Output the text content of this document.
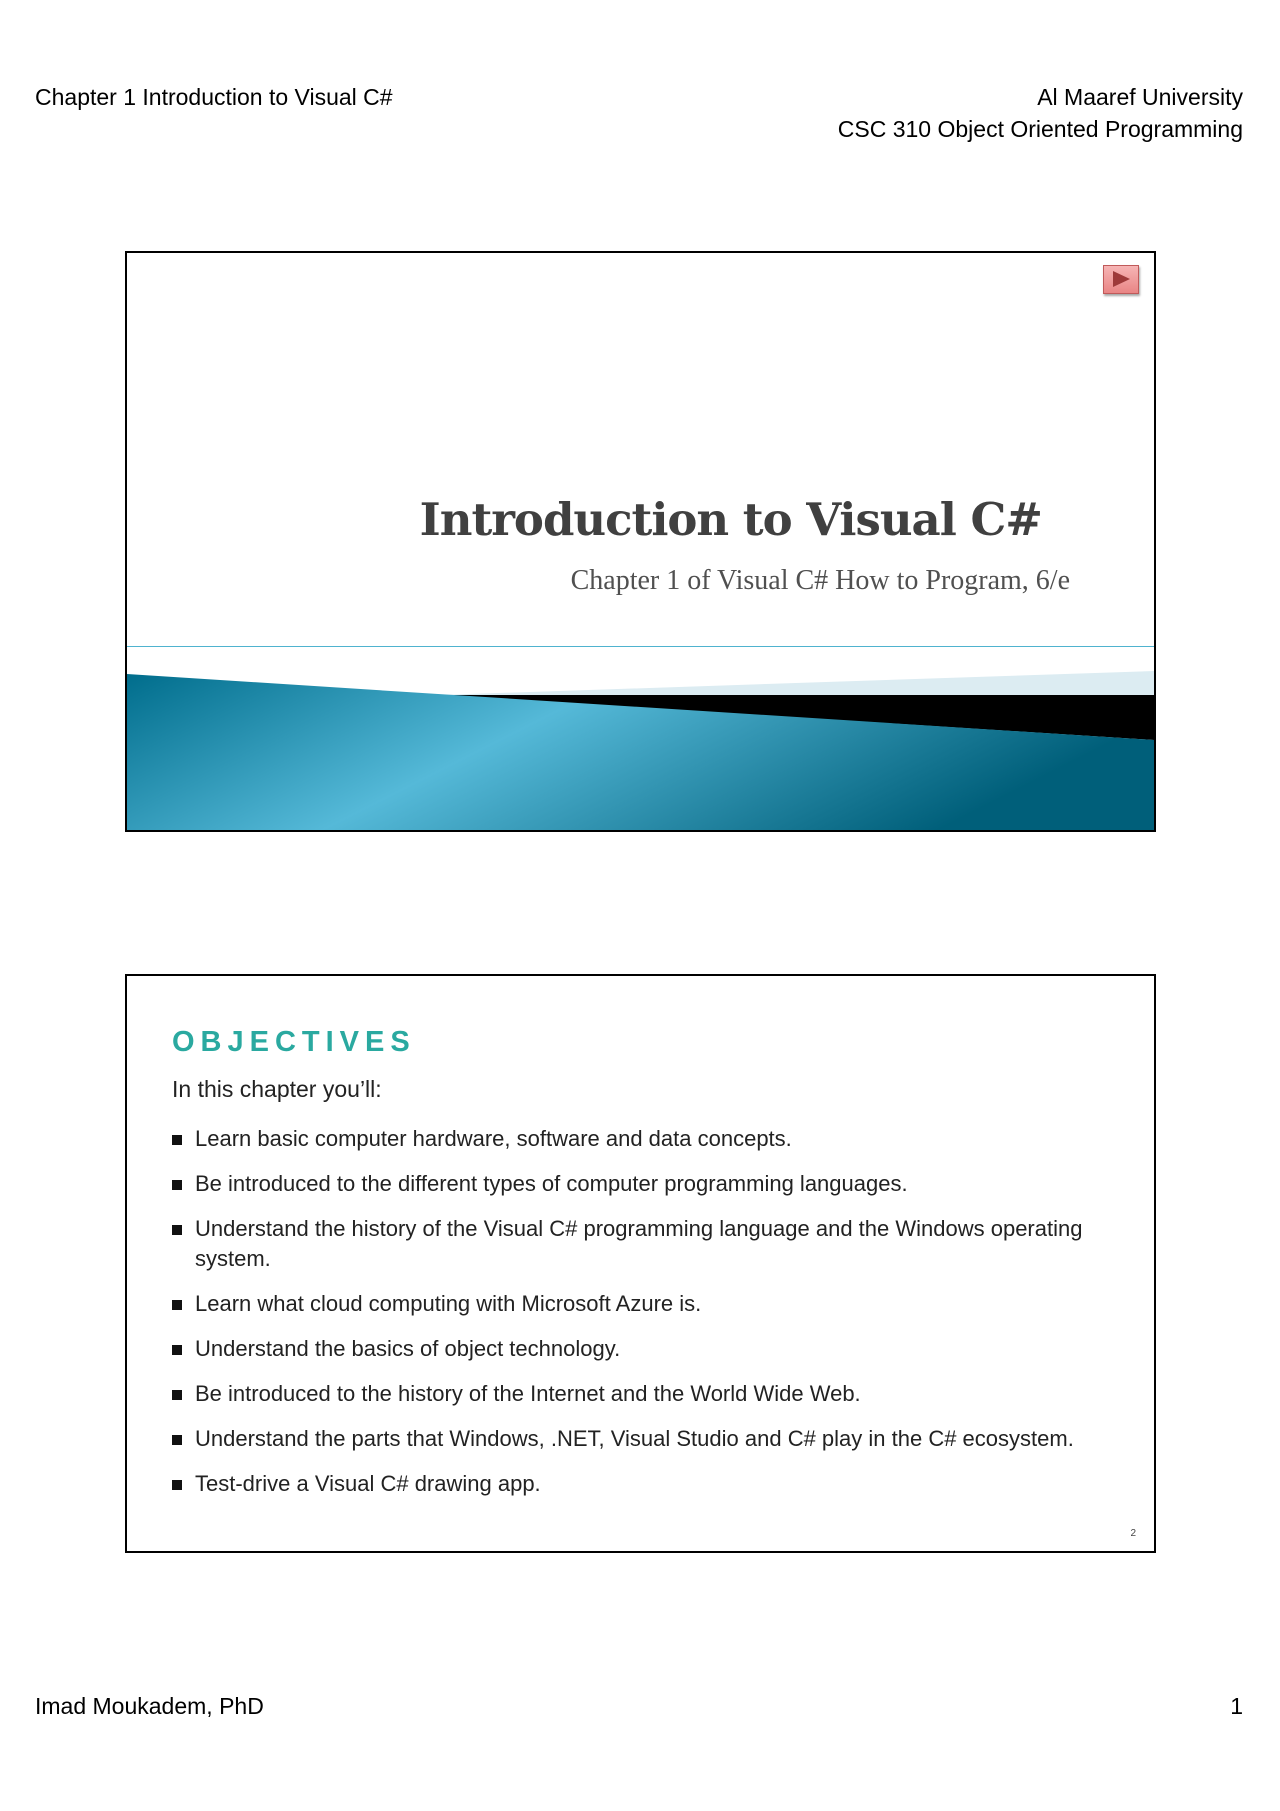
Chapter 1 Introduction to Visual C#	Al Maaref University
CSC 310 Object Oriented Programming
Introduction to Visual C#
Chapter 1 of Visual C# How to Program, 6/e
OBJECTIVES
In this chapter you’ll:
Learn basic computer hardware, software and data concepts.
Be introduced to the different types of computer programming languages.
Understand the history of the Visual C# programming language and the Windows operating system.
Learn what cloud computing with Microsoft Azure is.
Understand the basics of object technology.
Be introduced to the history of the Internet and the World Wide Web.
Understand the parts that Windows, .NET, Visual Studio and C# play in the C# ecosystem.
Test-drive a Visual C# drawing app.
2
Imad Moukadem, PhD	1
